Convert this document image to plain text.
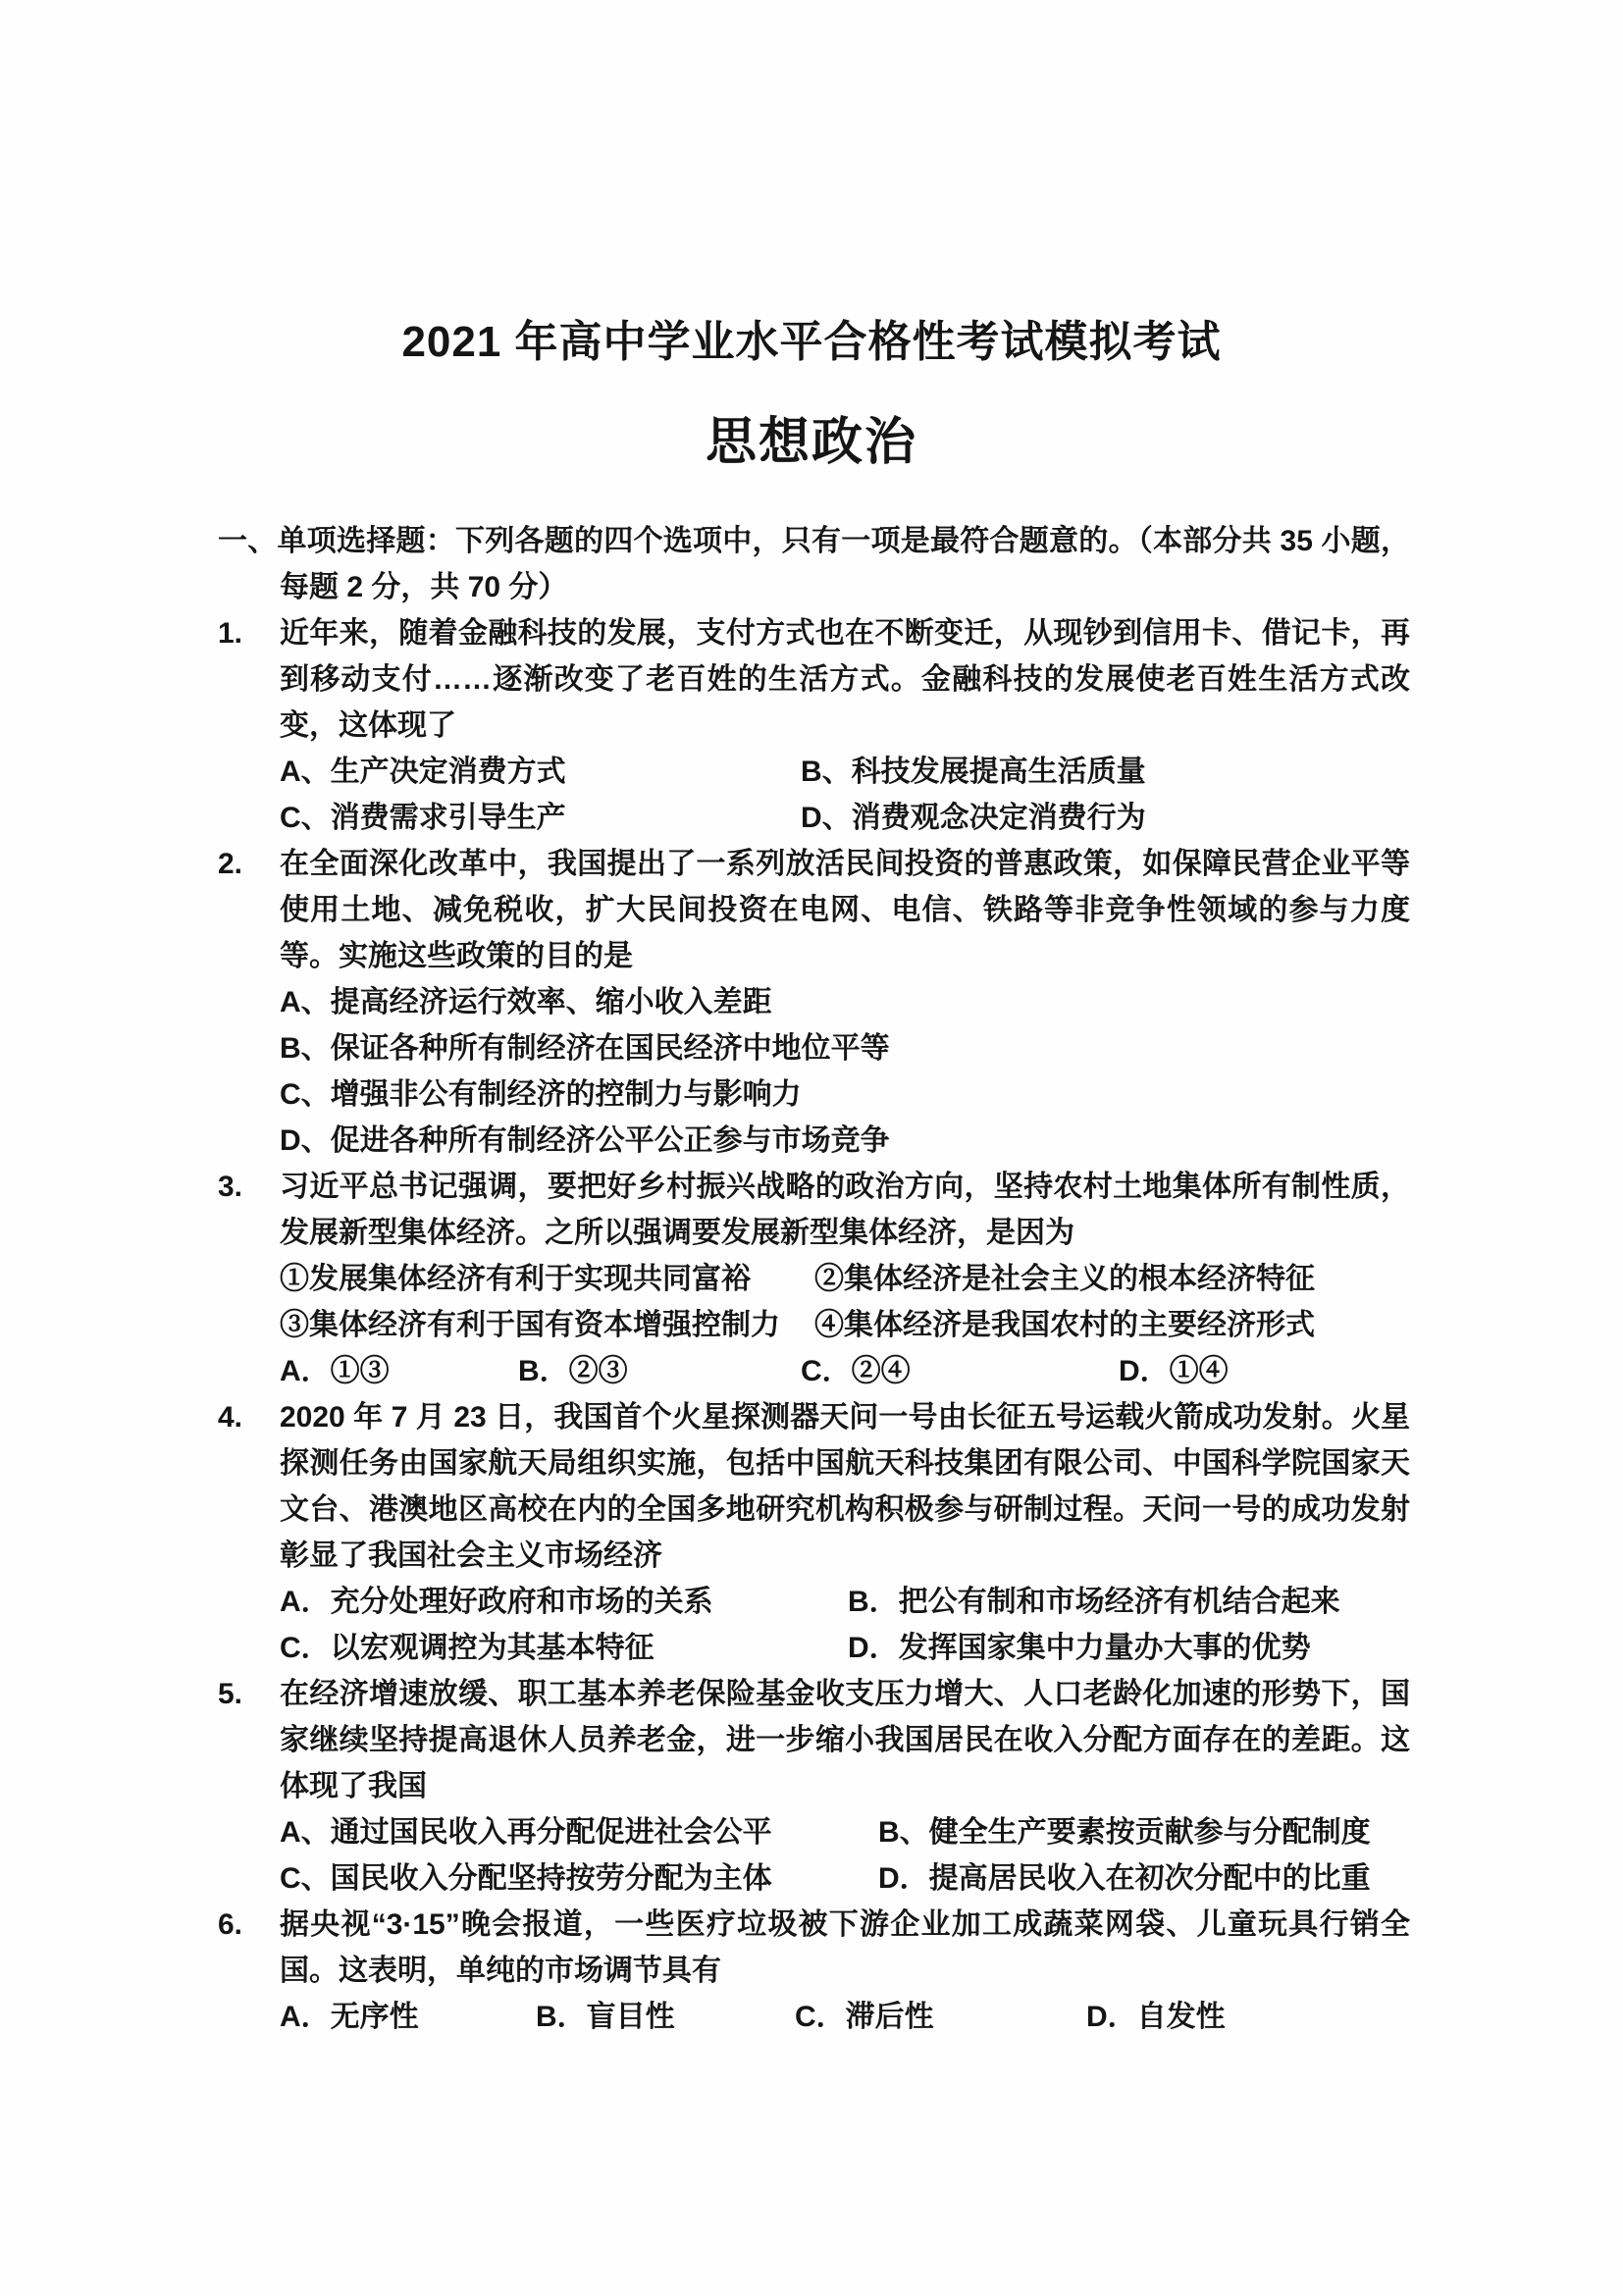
2021 年高中学业水平合格性考试模拟考试
思想政治
一、单项选择题：下列各题的四个选项中，只有一项是最符合题意的。（本部分共 35 小题，每题 2 分，共 70 分）
1.	近年来，随着金融科技的发展，支付方式也在不断变迁，从现钞到信用卡、借记卡，再到移动支付……逐渐改变了老百姓的生活方式。金融科技的发展使老百姓生活方式改变，这体现了
A、生产决定消费方式	B、科技发展提高生活质量
C、消费需求引导生产	D、消费观念决定消费行为
2.	在全面深化改革中，我国提出了一系列放活民间投资的普惠政策，如保障民营企业平等使用土地、减免税收，扩大民间投资在电网、电信、铁路等非竞争性领域的参与力度等。实施这些政策的目的是
A、提高经济运行效率、缩小收入差距
B、保证各种所有制经济在国民经济中地位平等
C、增强非公有制经济的控制力与影响力
D、促进各种所有制经济公平公正参与市场竞争
3.	习近平总书记强调，要把好乡村振兴战略的政治方向，坚持农村土地集体所有制性质，发展新型集体经济。之所以强调要发展新型集体经济，是因为
①发展集体经济有利于实现共同富裕	②集体经济是社会主义的根本经济特征
③集体经济有利于国有资本增强控制力	④集体经济是我国农村的主要经济形式
A．①③	B．②③	C．②④	D．①④
4.	2020 年 7 月 23 日，我国首个火星探测器天问一号由长征五号运载火箭成功发射。火星探测任务由国家航天局组织实施，包括中国航天科技集团有限公司、中国科学院国家天文台、港澳地区高校在内的全国多地研究机构积极参与研制过程。天问一号的成功发射彰显了我国社会主义市场经济
A．充分处理好政府和市场的关系	B．把公有制和市场经济有机结合起来
C．以宏观调控为其基本特征	D．发挥国家集中力量办大事的优势
5.	在经济增速放缓、职工基本养老保险基金收支压力增大、人口老龄化加速的形势下，国家继续坚持提高退休人员养老金，进一步缩小我国居民在收入分配方面存在的差距。这体现了我国
A、通过国民收入再分配促进社会公平	B、健全生产要素按贡献参与分配制度
C、国民收入分配坚持按劳分配为主体	D．提高居民收入在初次分配中的比重
6.	据央视“3·15”晚会报道，一些医疗垃圾被下游企业加工成蔬菜网袋、儿童玩具行销全国。这表明，单纯的市场调节具有
A．无序性	B．盲目性	C．滞后性	D．自发性
